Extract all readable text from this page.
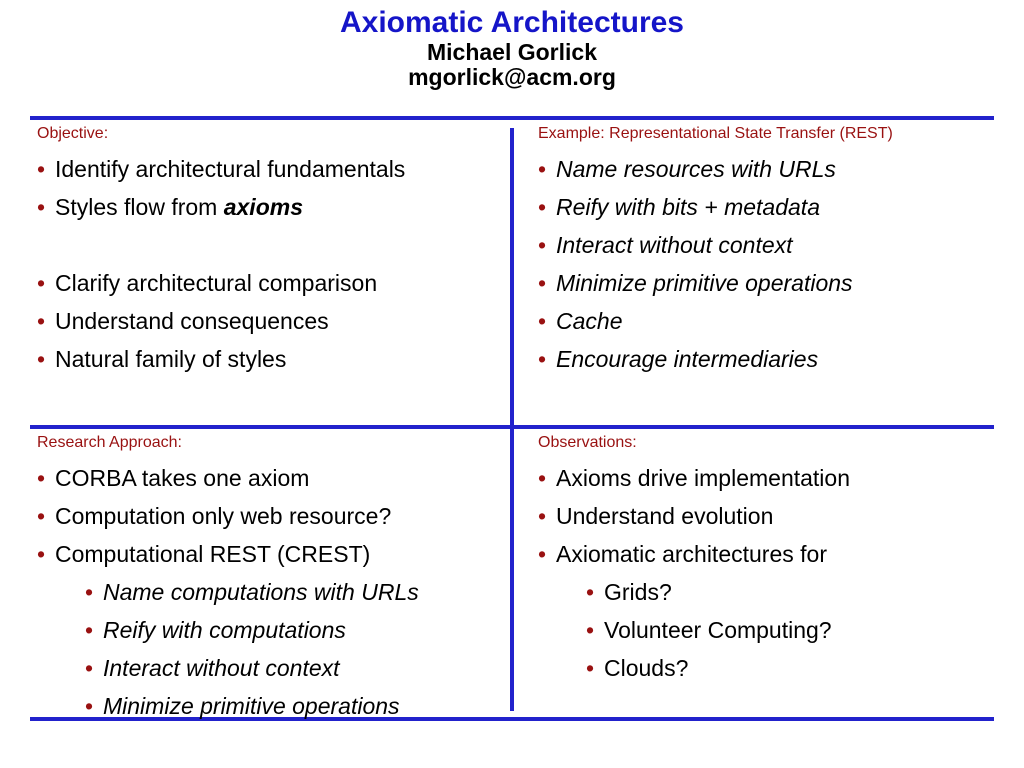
Axiomatic Architectures
Michael Gorlick
mgorlick@acm.org
Objective:
• Identify architectural fundamentals
• Styles flow from axioms
• Clarify architectural comparison
• Understand consequences
• Natural family of styles
Example: Representational State Transfer (REST)
• Name resources with URLs
• Reify with bits + metadata
• Interact without context
• Minimize primitive operations
• Cache
• Encourage intermediaries
Research Approach:
• CORBA takes one axiom
• Computation only web resource?
• Computational REST (CREST)
• Name computations with URLs
• Reify with computations
• Interact without context
• Minimize primitive operations
Observations:
• Axioms drive implementation
• Understand evolution
• Axiomatic architectures for
• Grids?
• Volunteer Computing?
• Clouds?
